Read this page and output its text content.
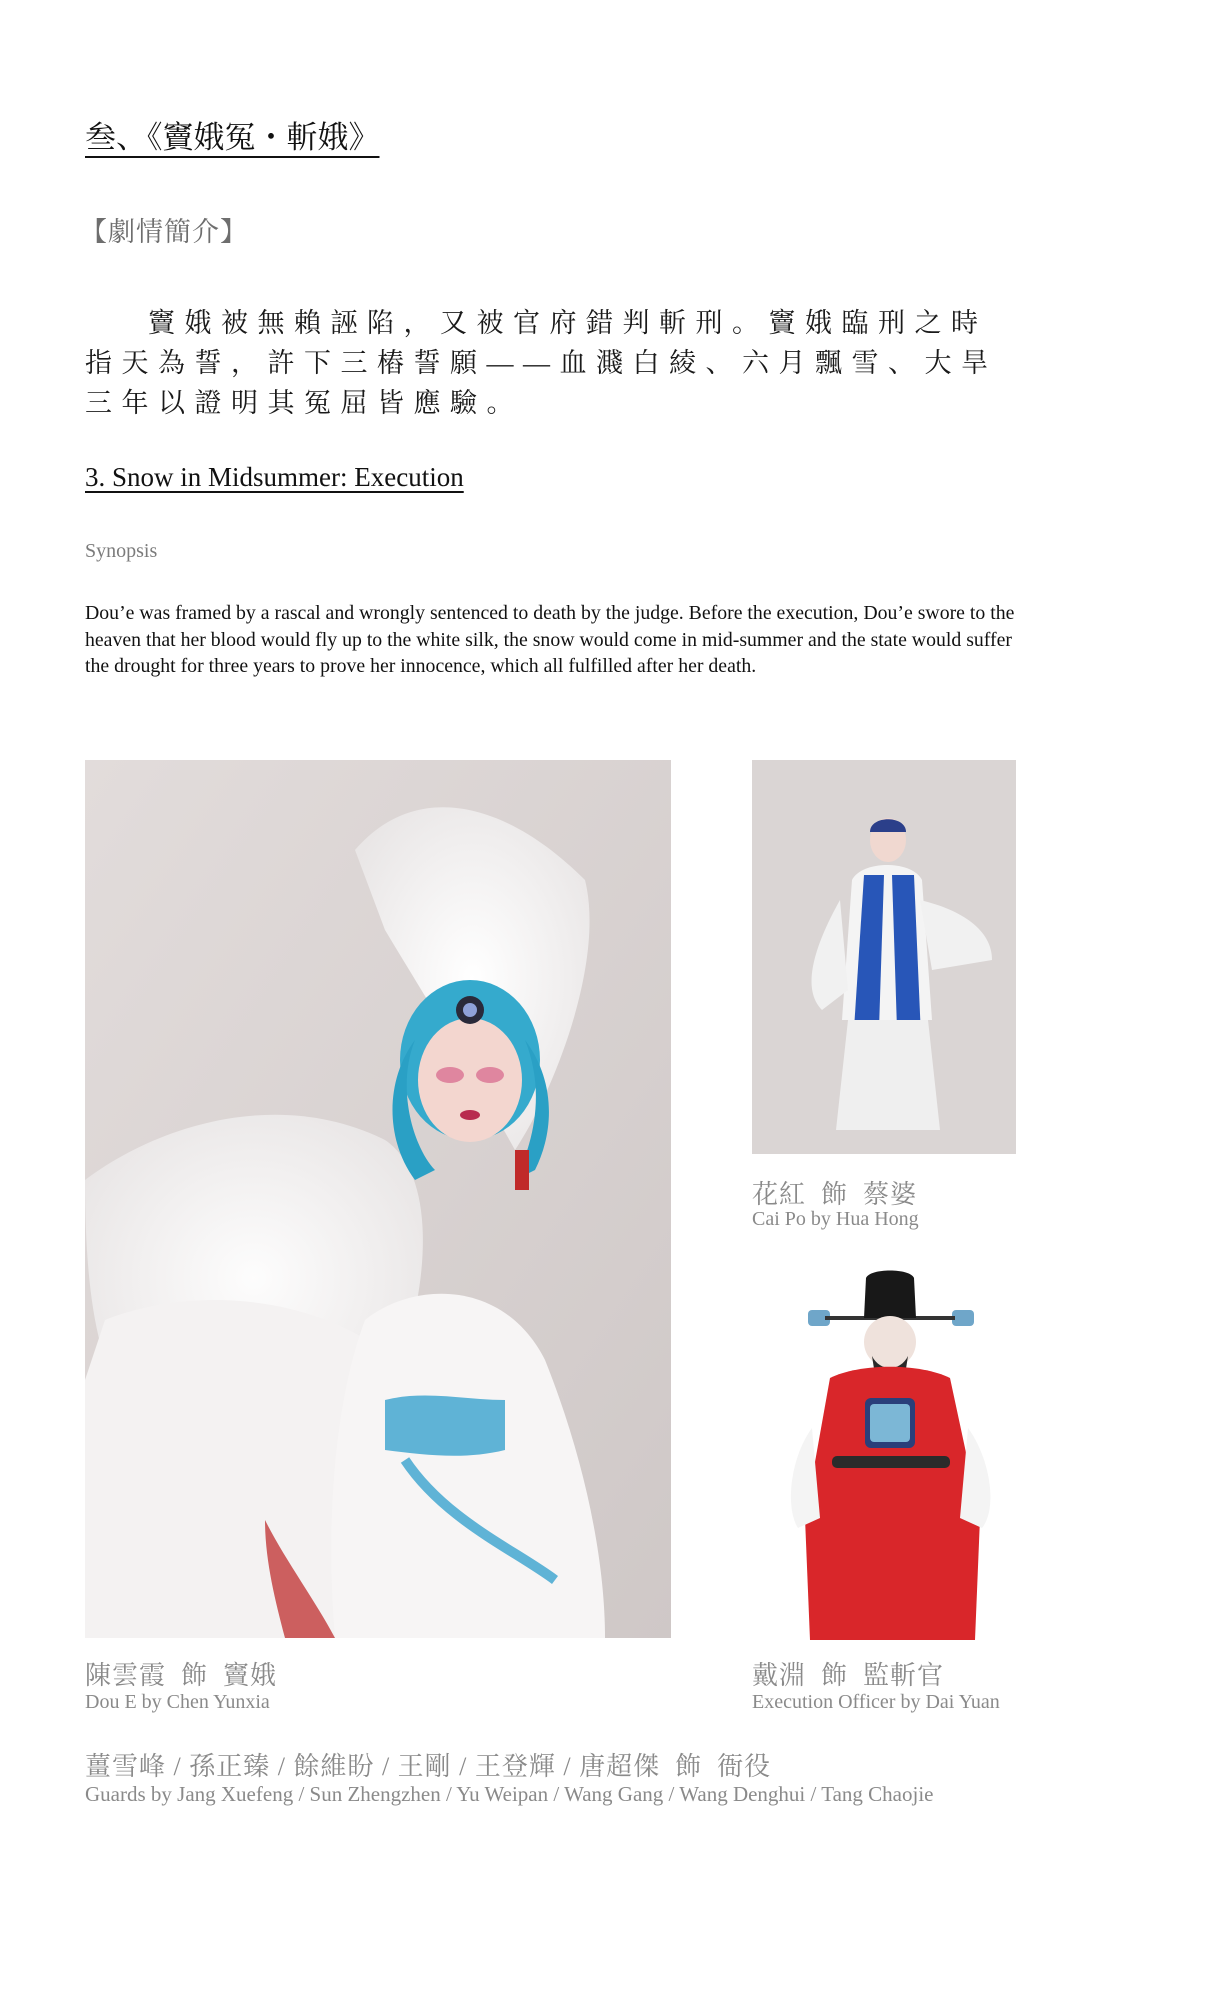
叁、《竇娥冤・斬娥》
【劇情簡介】
竇娥被無賴誣陷，又被官府錯判斬刑。竇娥臨刑之時指天為誓，許下三樁誓願——血濺白綾、六月飄雪、大旱三年以證明其冤屈皆應驗。
3. Snow in Midsummer: Execution
Synopsis
Dou’e was framed by a rascal and wrongly sentenced to death by the judge. Before the execution, Dou’e swore to the heaven that her blood would fly up to the white silk, the snow would come in mid-summer and the state would suffer the drought for three years to prove her innocence, which all fulfilled after her death.
花紅  飾  蔡婆
Cai Po by Hua Hong
陳雲霞  飾  竇娥
Dou E by Chen Yunxia
戴淵  飾  監斬官
Execution Officer by Dai Yuan
薑雪峰 / 孫正臻 / 餘維盼 / 王剛 / 王登輝 / 唐超傑  飾  衙役
Guards by Jang Xuefeng / Sun Zhengzhen / Yu Weipan / Wang Gang / Wang Denghui / Tang Chaojie
